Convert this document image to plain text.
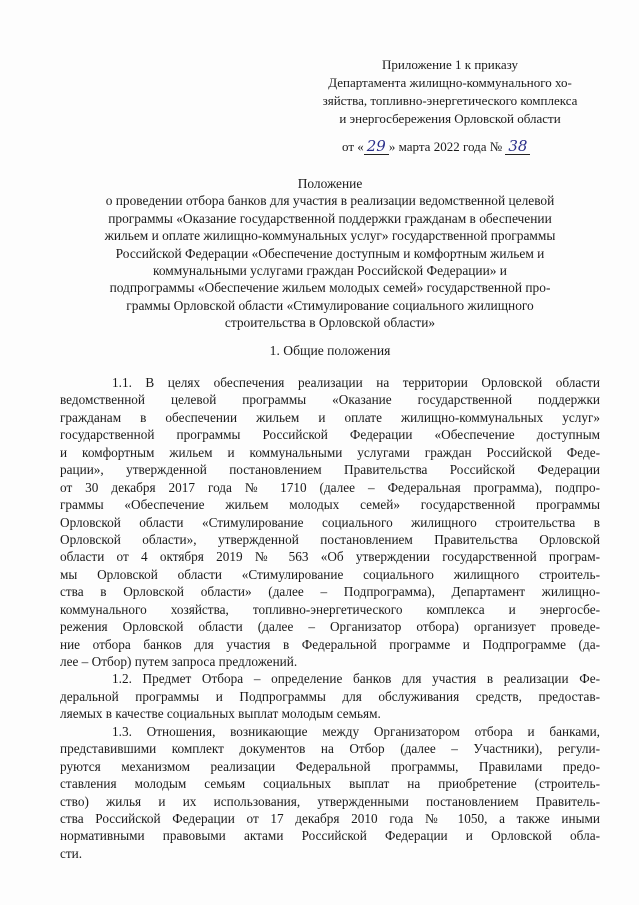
Приложение 1 к приказу
Департамента жилищно-коммунального хо-
зяйства, топливно-энергетического комплекса
и энергосбережения Орловской области
от « 29 » марта 2022 года № 38
Положение
о проведении отбора банков для участия в реализации ведомственной целевой
программы «Оказание государственной поддержки гражданам в обеспечении
жильем и оплате жилищно-коммунальных услуг» государственной программы
Российской Федерации «Обеспечение доступным и комфортным жильем и
коммунальными услугами граждан Российской Федерации» и
подпрограммы «Обеспечение жильем молодых семей» государственной про-
граммы Орловской области «Стимулирование социального жилищного
строительства в Орловской области»
1. Общие положения
1.1. В целях обеспечения реализации на территории Орловской области
ведомственной целевой программы «Оказание государственной поддержки
гражданам в обеспечении жильем и оплате жилищно-коммунальных услуг»
государственной программы Российской Федерации «Обеспечение доступным
и комфортным жильем и коммунальными услугами граждан Российской Феде-
рации», утвержденной постановлением Правительства Российской Федерации
от 30 декабря 2017 года № 1710 (далее – Федеральная программа), подпро-
граммы «Обеспечение жильем молодых семей» государственной программы
Орловской области «Стимулирование социального жилищного строительства в
Орловской области», утвержденной постановлением Правительства Орловской
области от 4 октября 2019 № 563 «Об утверждении государственной програм-
мы Орловской области «Стимулирование социального жилищного строитель-
ства в Орловской области» (далее – Подпрограмма), Департамент жилищно-
коммунального хозяйства, топливно-энергетического комплекса и энергосбе-
режения Орловской области (далее – Организатор отбора) организует проведе-
ние отбора банков для участия в Федеральной программе и Подпрограмме (да-
лее – Отбор) путем запроса предложений.
1.2. Предмет Отбора – определение банков для участия в реализации Фе-
деральной программы и Подпрограммы для обслуживания средств, предостав-
ляемых в качестве социальных выплат молодым семьям.
1.3. Отношения, возникающие между Организатором отбора и банками,
представившими комплект документов на Отбор (далее – Участники), регули-
руются механизмом реализации Федеральной программы, Правилами предо-
ставления молодым семьям социальных выплат на приобретение (строитель-
ство) жилья и их использования, утвержденными постановлением Правитель-
ства Российской Федерации от 17 декабря 2010 года № 1050, а также иными
нормативными правовыми актами Российской Федерации и Орловской обла-
сти.
